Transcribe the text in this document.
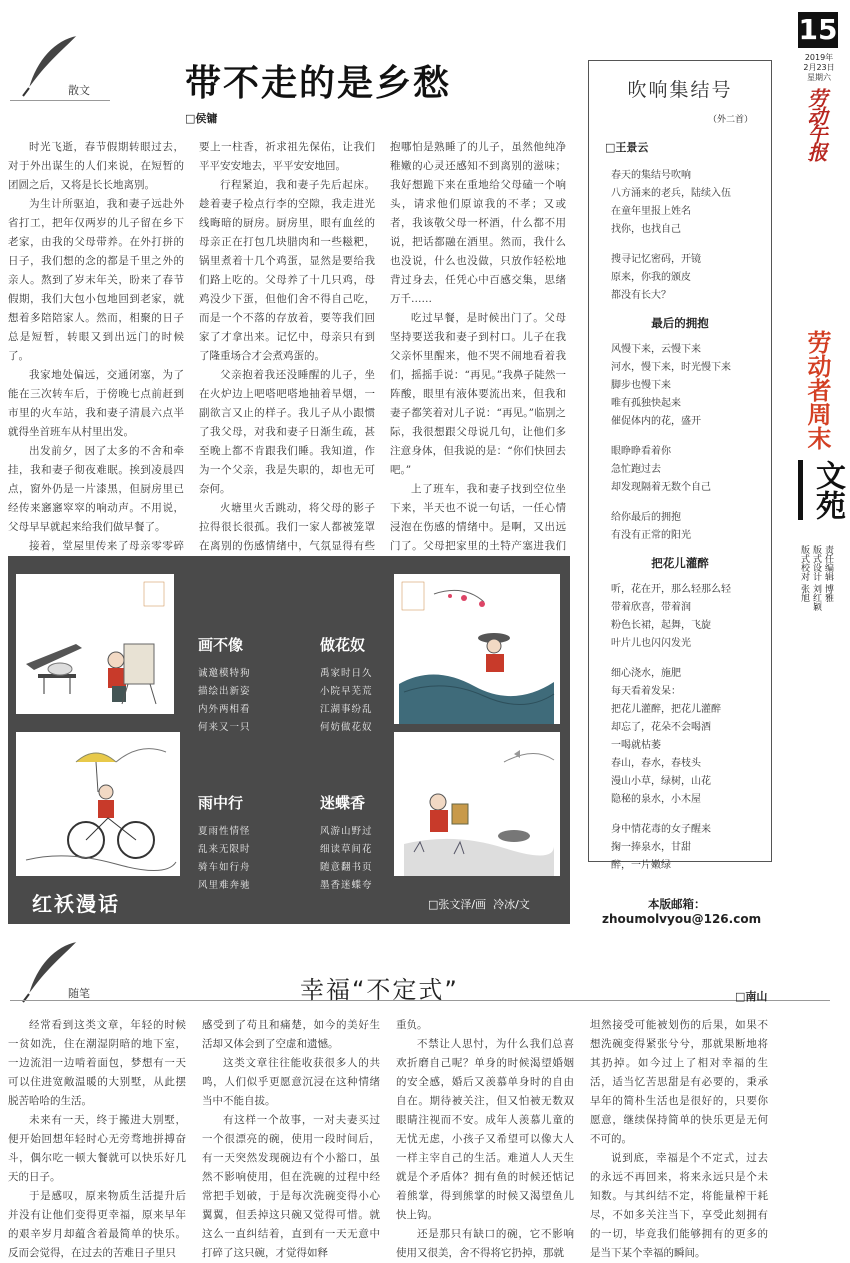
散文	带不走的是乡愁
□侯镛

时光飞逝，春节假期转眼过去，对于外出谋生的人们来说，在短暂的团圆之后，又将是长长地离别。

为生计所驱迫，我和妻子远赴外省打工，把年仅两岁的儿子留在乡下老家，由我的父母带养。在外打拼的日子，我们想的念的都是千里之外的亲人。熬到了岁末年关，盼来了春节假期，我们大包小包地回到老家，就想着多陪陪家人。然而，相聚的日子总是短暂，转眼又到出远门的时候了。

我家地处偏远，交通闭塞，为了能在三次转车后，于傍晚七点前赶到市里的火车站，我和妻子清晨六点半就得坐首班车从村里出发。

出发前夕，因了太多的不舍和牵挂，我和妻子彻夜难眠。挨到凌晨四点，窗外仍是一片漆黑，但厨房里已经传来窸窸窣窣的响动声。不用说，父母早早就起来给我们做早餐了。

接着，堂屋里传来了母亲零零碎

要上一柱香，祈求祖先保佑，让我们平平安安地去，平平安安地回。

行程紧迫，我和妻子先后起床。趁着妻子检点行李的空隙，我走进光线晦暗的厨房。厨房里，眼有血丝的母亲正在打包几块腊肉和一些糍粑，锅里煮着十几个鸡蛋，显然是要给我们路上吃的。父母养了十几只鸡，母鸡没少下蛋，但他们舍不得自己吃，而是一个不落的存放着，要等我们回家了才拿出来。记忆中，母亲只有到了隆重场合才会煮鸡蛋的。

父亲抱着我还没睡醒的儿子，坐在火炉边上吧嗒吧嗒地抽着旱烟，一副欲言又止的样子。我儿子从小跟惯了我父母，对我和妻子日渐生疏，甚至晚上都不肯跟我们睡。我知道，作为一个父亲，我是失职的，却也无可奈何。

火塘里火舌跳动，将父母的影子拉得很长很孤。我们一家人都被笼罩在离别的伤感情绪中，气氛显得有些

抱哪怕是熟睡了的儿子，虽然他纯净稚嫩的心灵还感知不到离别的滋味；我好想跪下来在重地给父母磕一个响头，请求他们原谅我的不孝；又或者，我该敬父母一杯酒，什么都不用说，把话都融在酒里。然而，我什么也没说，什么也没做，只放作轻松地背过身去，任凭心中百感交集，思绪万千……

吃过早餐，是时候出门了。父母坚持要送我和妻子到村口。儿子在我父亲怀里醒来，他不哭不闹地看着我们，摇摇手说：“再见。”我鼻子陡然一阵酸，眼里有液体要流出来，但我和妻子都笑着对儿子说：“再见。”临别之际，我很想跟父母说几句，让他们多注意身体，但我说的是：“你们快回去吧。”

上了班车，我和妻子找到空位坐下来，半天也不说一句话，一任心情浸泡在伤感的情绪中。是啊，又出远门了。父母把家里的土特产塞进我们

吹响集结号
（外二首）
□王景云

春天的集结号吹响

八方涌来的老兵，陆续入伍

在童年里报上姓名

找你，也找自己

搜寻记忆密码，开镜

原来，你我的颁皮

都没有长大？

最后的拥抱

风慢下来，云慢下来

河水，慢下来，时光慢下来

脚步也慢下来

唯有孤独快起来

催促体内的花，盛开

眼睁睁看着你

急忙跑过去

却发现隔着无数个自己

给你最后的拥抱

有没有正常的阳光

把花儿灌醉

听，花在开，那么轻那么轻

带着欣喜，带着润

粉色长裙，起舞，飞旋

叶片儿也闪闪发光

细心浇水，施肥

每天看着发呆：

把花儿灌醉，把花儿灌醉

却忘了，花朵不会喝酒

一喝就枯萎

春山，春水，春枝头

漫山小草，绿树，山花

隐秘的泉水，小木屋

身中情花毒的女子醒来

掬一捧泉水，甘甜

醉，一片嫩绿

本版邮箱：
zhoumolvyou@126.com
15
2019年
2月23日
星期六
劳动午报
劳动者周末
文苑
责任编辑 博雅
版式设计 刘红颖
版式校对 张旭
画不像
诚邀模特狗
描绘出新姿
内外两相看
何来又一只
做花奴
禹家时日久
小院早芜荒
江湖事纷乱
何妨做花奴
雨中行
夏雨性情怪
乱来无限时
骑车如行舟
风里难奔驰
迷蝶香
风游山野过
细读草间花
随意翻书页
墨香迷蝶夸
红袄漫话	□张文泽/画  冷冰/文
随笔	幸福“不定式”	□南山

经常看到这类文章，年轻的时候一贫如洗，住在潮湿阴暗的地下室，一边流泪一边啃着面包，梦想有一天可以住进宽敞温暖的大别墅，从此摆脱苦哈哈的生活。

未来有一天，终于搬进大别墅，便开始回想年轻时心无旁骛地拼搏奋斗，偶尔吃一顿大餐就可以快乐好几天的日子。

于是感叹，原来物质生活提升后并没有让他们变得更幸福，原来早年的艰辛岁月却蕴含着最简单的快乐。反而会觉得，在过去的苦难日子里只

感受到了苟且和痛楚，如今的美好生活却又体会到了空虚和遗憾。

这类文章往往能收获很多人的共鸣，人们似乎更愿意沉浸在这种情绪当中不能自拔。

有这样一个故事，一对夫妻买过一个很漂亮的碗，使用一段时间后，有一天突然发现碗边有个小豁口，虽然不影响使用，但在洗碗的过程中经常把手划破，于是每次洗碗变得小心翼翼，但丢掉这只碗又觉得可惜。就这么一直纠结着，直到有一天无意中打碎了这只碗，才觉得如释

重负。

不禁让人思忖，为什么我们总喜欢折磨自己呢？单身的时候渴望婚姻的安全感，婚后又羡慕单身时的自由自在。期待被关注，但又怕被无数双眼睛注视而不安。成年人羡慕儿童的无忧无虑，小孩子又希望可以像大人一样主宰自己的生活。难道人人天生就是个矛盾体？拥有鱼的时候还惦记着熊掌，得到熊掌的时候又渴望鱼儿快上钩。

还是那只有缺口的碗，它不影响使用又很美，舍不得将它扔掉，那就

坦然接受可能被划伤的后果，如果不想洗碗变得紧张兮兮，那就果断地将其扔掉。如今过上了相对幸福的生活，适当忆苦思甜是有必要的，秉承早年的简朴生活也是很好的，只要你愿意，继续保持简单的快乐更是无何不可的。

说到底，幸福是个不定式，过去的永远不再回来，将来永远只是个未知数。与其纠结不定，将能量榨干耗尽，不如多关注当下，享受此刻拥有的一切，毕竟我们能够拥有的更多的是当下某个幸福的瞬间。
